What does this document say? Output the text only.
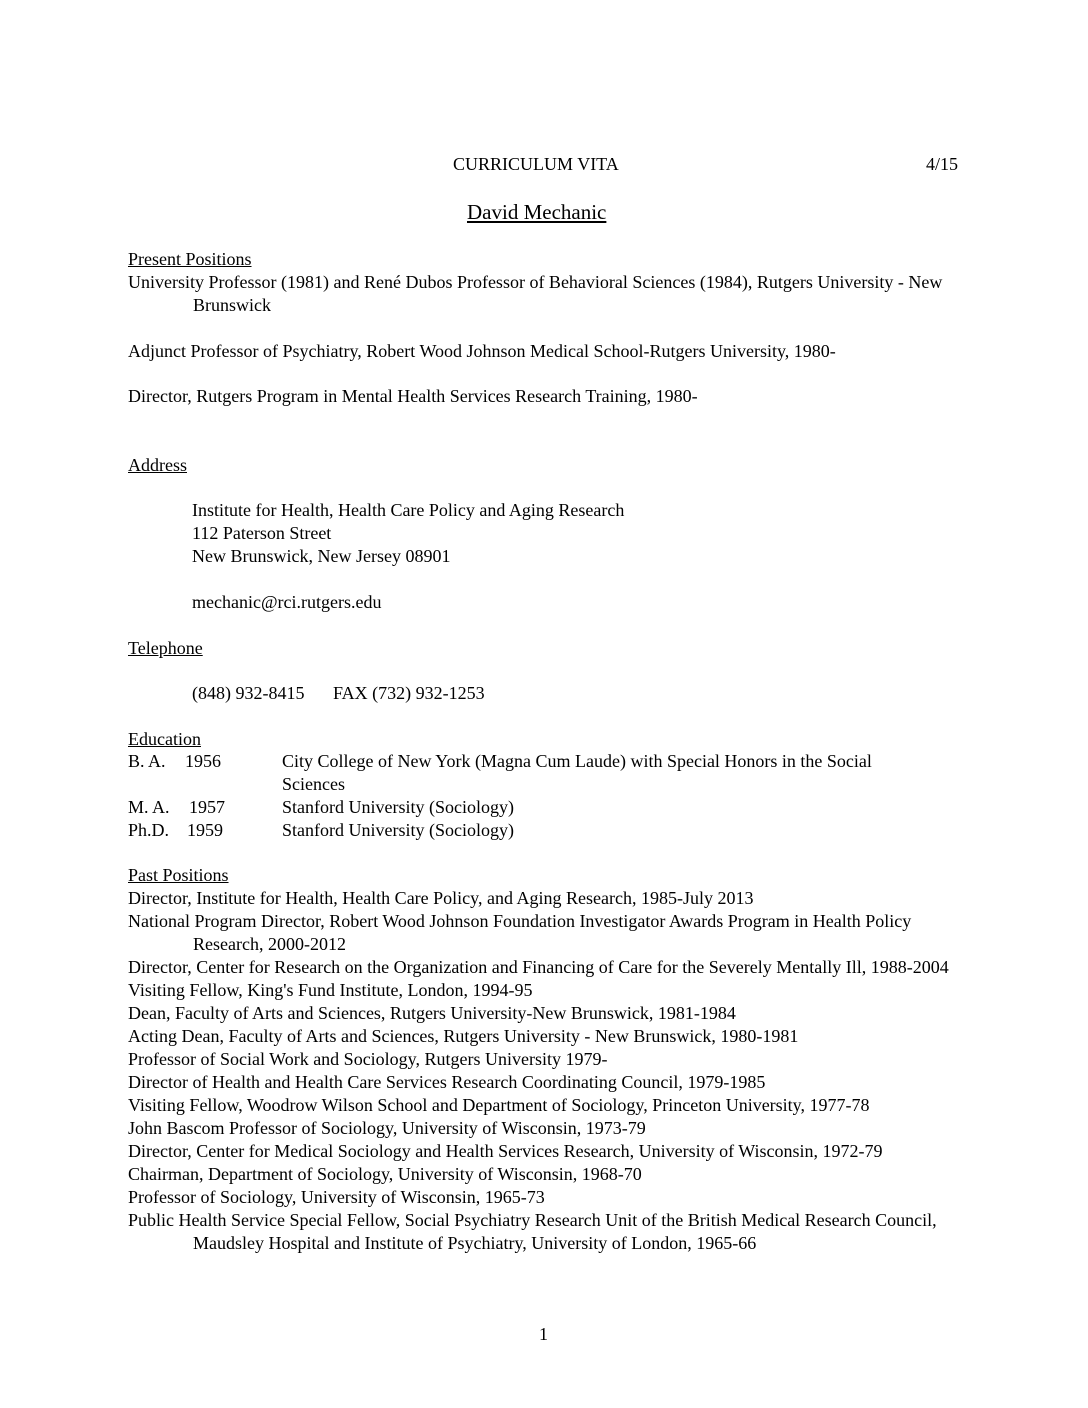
CURRICULUM VITA	4/15
David Mechanic
Present Positions
University Professor (1981) and René Dubos Professor of Behavioral Sciences (1984), Rutgers University - New Brunswick
Adjunct Professor of Psychiatry, Robert Wood Johnson Medical School-Rutgers University, 1980-
Director, Rutgers Program in Mental Health Services Research Training, 1980-
Address
Institute for Health, Health Care Policy and Aging Research
112 Paterson Street
New Brunswick, New Jersey 08901
mechanic@rci.rutgers.edu
Telephone
(848) 932-8415 FAX (732) 932-1253
Education
B. A. 1956	City College of New York (Magna Cum Laude) with Special Honors in the Social Sciences
M. A. 1957	Stanford University (Sociology)
Ph.D. 1959	Stanford University (Sociology)
Past Positions
Director, Institute for Health, Health Care Policy, and Aging Research, 1985-July 2013
National Program Director, Robert Wood Johnson Foundation Investigator Awards Program in Health Policy Research, 2000-2012
Director, Center for Research on the Organization and Financing of Care for the Severely Mentally Ill, 1988-2004
Visiting Fellow, King's Fund Institute, London, 1994-95
Dean, Faculty of Arts and Sciences, Rutgers University-New Brunswick, 1981-1984
Acting Dean, Faculty of Arts and Sciences, Rutgers University - New Brunswick, 1980-1981
Professor of Social Work and Sociology, Rutgers University 1979-
Director of Health and Health Care Services Research Coordinating Council, 1979-1985
Visiting Fellow, Woodrow Wilson School and Department of Sociology, Princeton University, 1977-78
John Bascom Professor of Sociology, University of Wisconsin, 1973-79
Director, Center for Medical Sociology and Health Services Research, University of Wisconsin, 1972-79
Chairman, Department of Sociology, University of Wisconsin, 1968-70
Professor of Sociology, University of Wisconsin, 1965-73
Public Health Service Special Fellow, Social Psychiatry Research Unit of the British Medical Research Council, Maudsley Hospital and Institute of Psychiatry, University of London, 1965-66
1
